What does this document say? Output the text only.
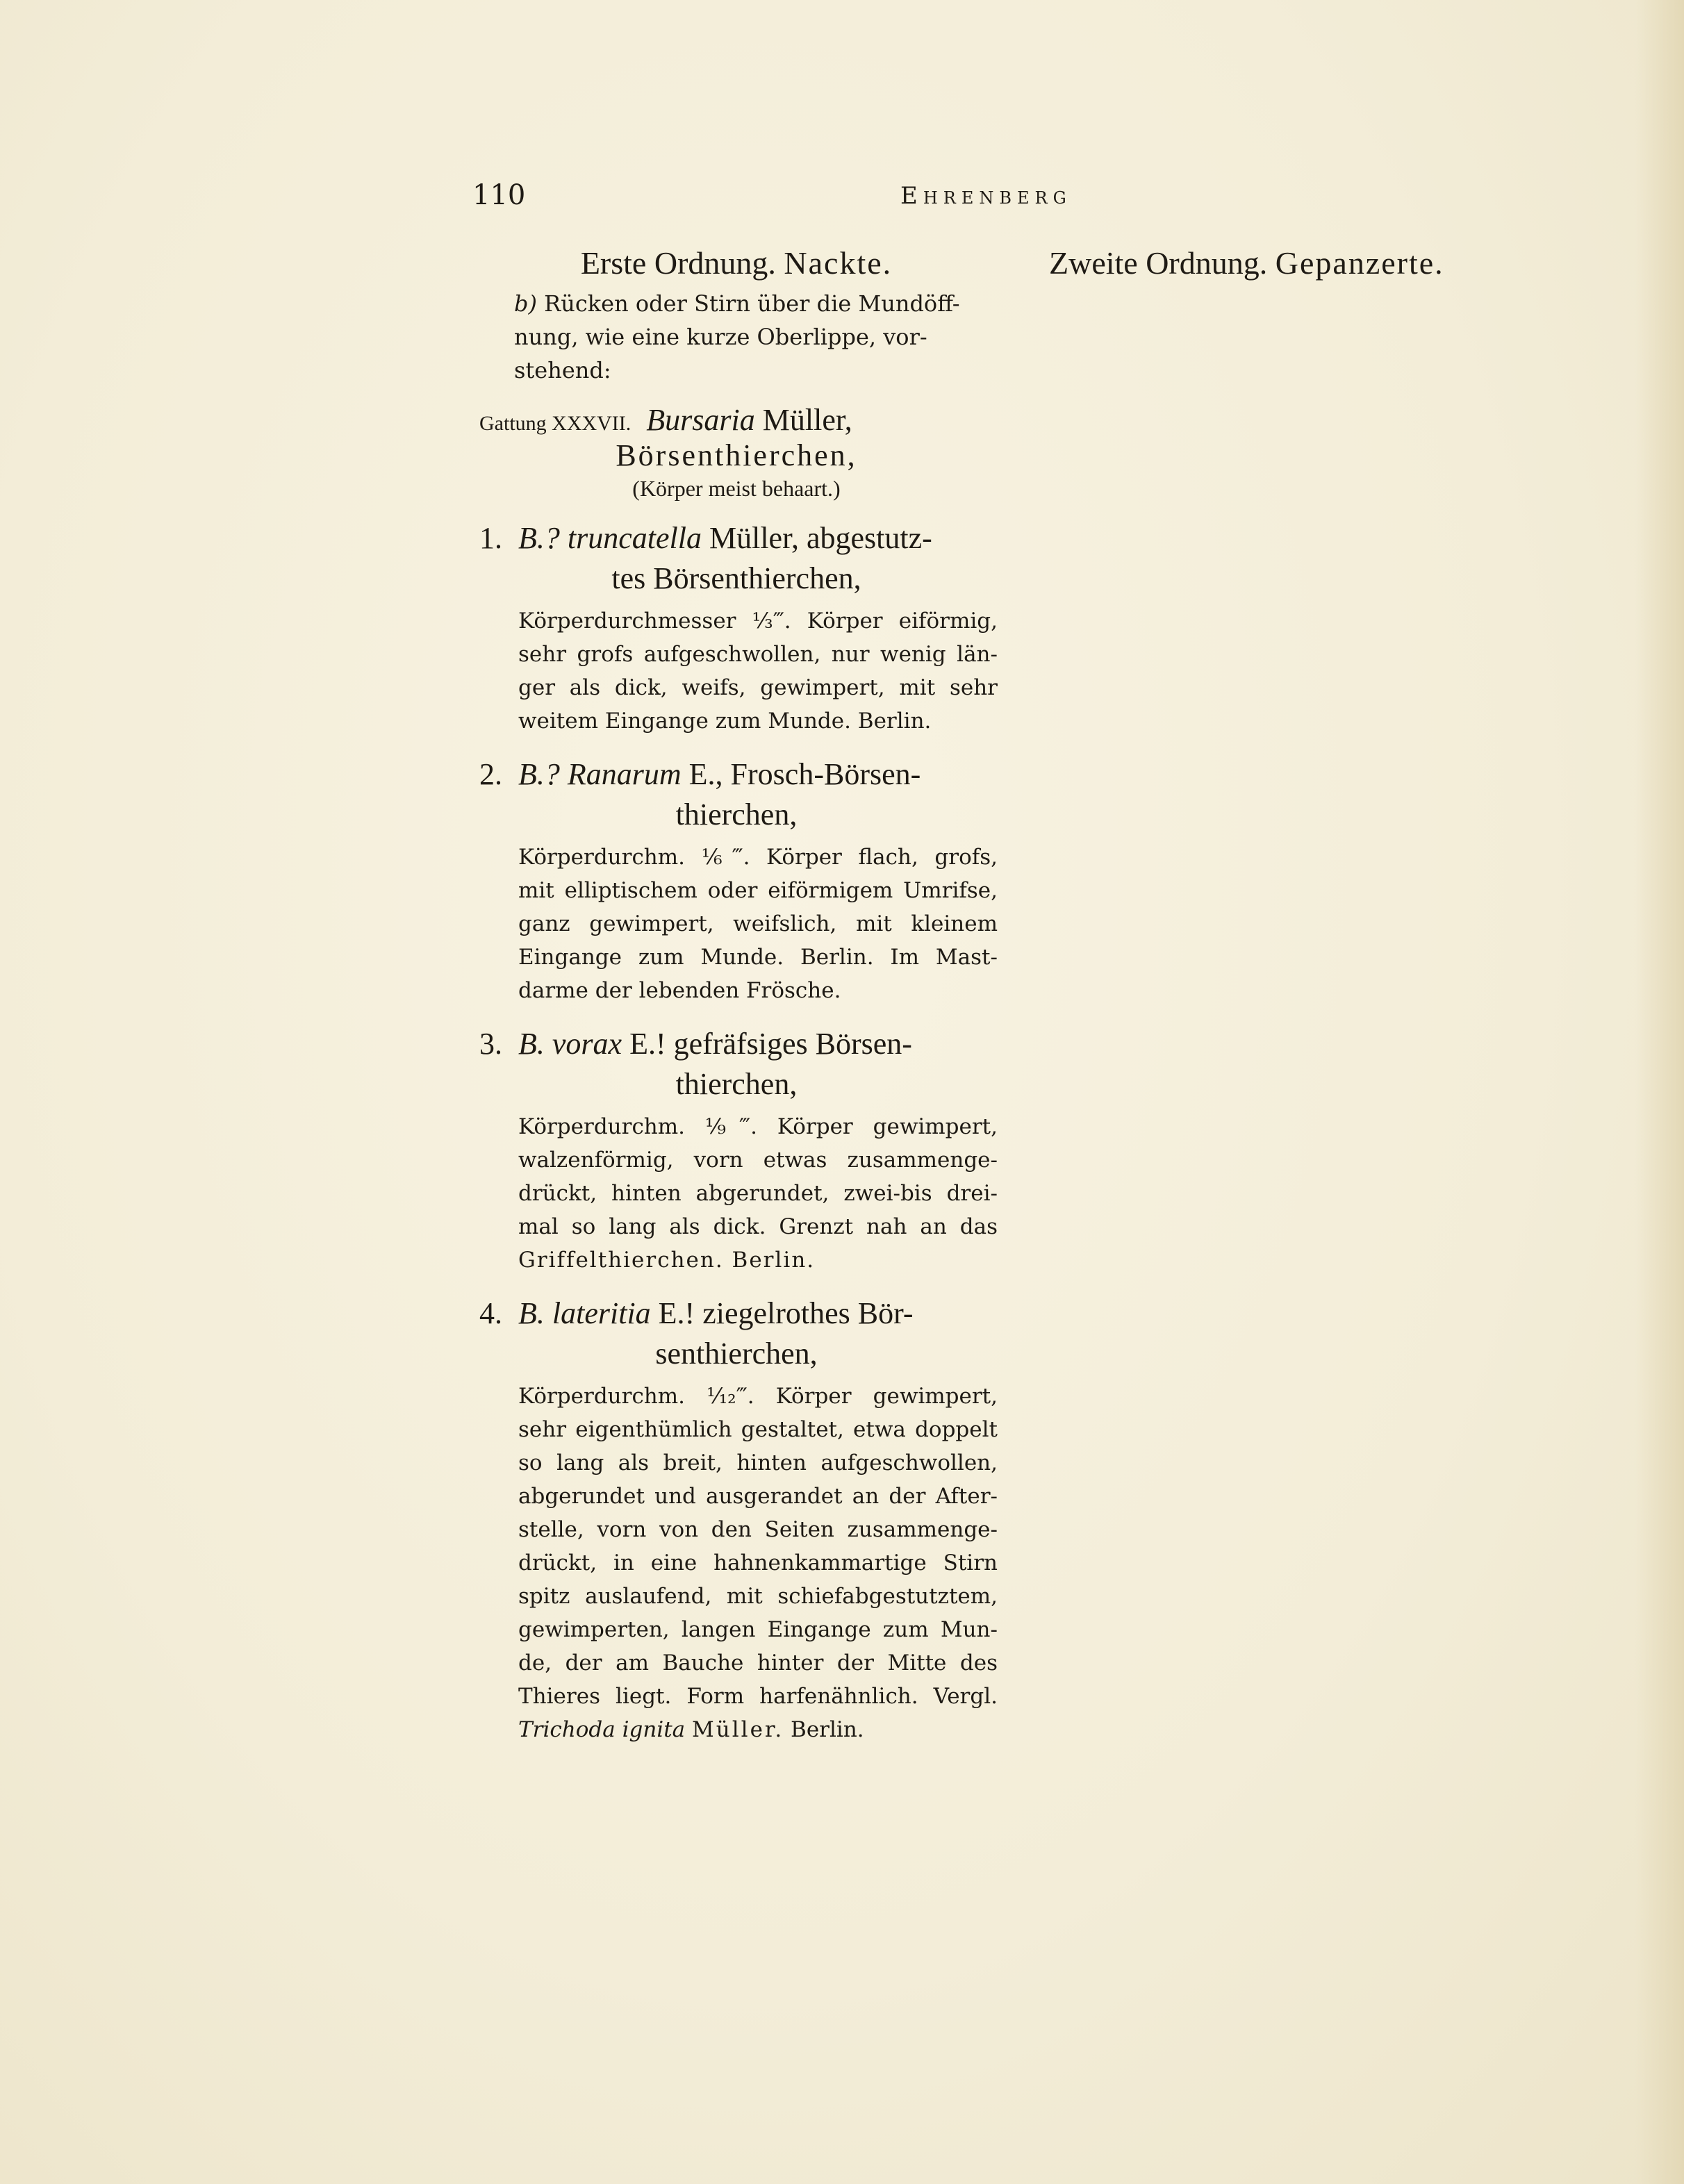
110	Ehrenberg
Erste Ordnung. Nackte.
b) Rücken oder Stirn über die Mundöff-
nung, wie eine kurze Oberlippe, vor-
stehend:
Gattung XXXVII. Bursaria Müller,
Börsenthierchen,
(Körper meist behaart.)
1. B.? truncatella Müller, abgestutz-
tes Börsenthierchen,
Körperdurchmesser ⅓‴. Körper eiförmig,
sehr grofs aufgeschwollen, nur wenig län-
ger als dick, weifs, gewimpert, mit sehr
weitem Eingange zum Munde. Berlin.
2. B.? Ranarum E., Frosch-Börsen-
thierchen,
Körperdurchm. ⅙‴. Körper flach, grofs,
mit elliptischem oder eiförmigem Umrifse,
ganz gewimpert, weifslich, mit kleinem
Eingange zum Munde. Berlin. Im Mast-
darme der lebenden Frösche.
3. B. vorax E.! gefräfsiges Börsen-
thierchen,
Körperdurchm. ⅑‴. Körper gewimpert,
walzenförmig, vorn etwas zusammenge-
drückt, hinten abgerundet, zwei-bis drei-
mal so lang als dick. Grenzt nah an das
Griffelthierchen. Berlin.
4. B. lateritia E.! ziegelrothes Bör-
senthierchen,
Körperdurchm. ¹⁄₁₂‴. Körper gewimpert,
sehr eigenthümlich gestaltet, etwa doppelt
so lang als breit, hinten aufgeschwollen,
abgerundet und ausgerandet an der After-
stelle, vorn von den Seiten zusammenge-
drückt, in eine hahnenkammartige Stirn
spitz auslaufend, mit schiefabgestutztem,
gewimperten, langen Eingange zum Mun-
de, der am Bauche hinter der Mitte des
Thieres liegt. Form harfenähnlich. Vergl.
Trichoda ignita Müller. Berlin.
Zweite Ordnung. Gepanzerte.
